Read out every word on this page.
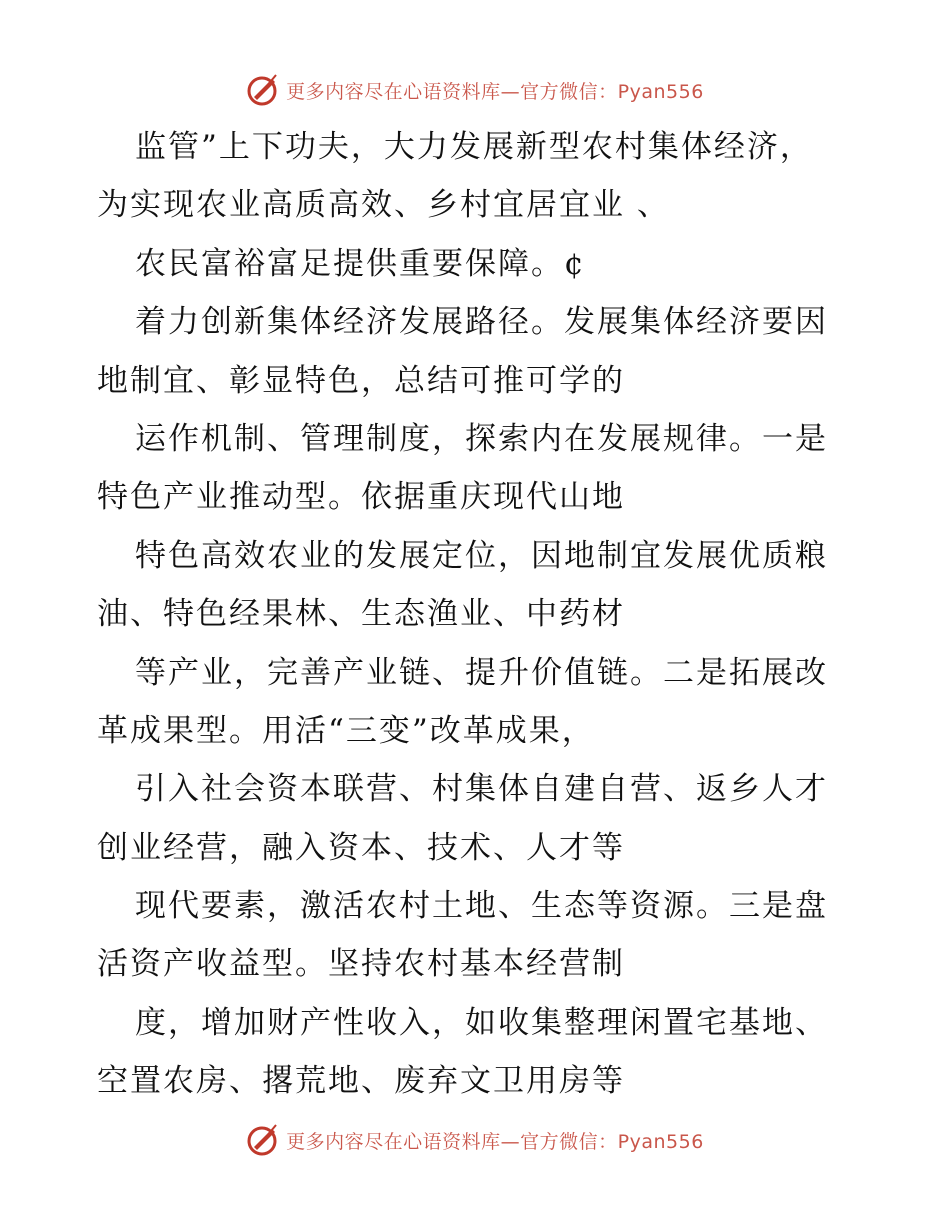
更多内容尽在心语资料库—官方微信：Pyan556
监管”上下功夫，大力发展新型农村集体经济，
为实现农业高质高效、乡村宜居宜业 、
农民富裕富足提供重要保障。¢
着力创新集体经济发展路径。发展集体经济要因
地制宜、彰显特色，总结可推可学的
运作机制、管理制度，探索内在发展规律。一是
特色产业推动型。依据重庆现代山地
特色高效农业的发展定位，因地制宜发展优质粮
油、特色经果林、生态渔业、中药材
等产业，完善产业链、提升价值链。二是拓展改
革成果型。用活“三变”改革成果，
引入社会资本联营、村集体自建自营、返乡人才
创业经营，融入资本、技术、人才等
现代要素，激活农村土地、生态等资源。三是盘
活资产收益型。坚持农村基本经营制
度，增加财产性收入，如收集整理闲置宅基地、
空置农房、撂荒地、废弃文卫用房等
更多内容尽在心语资料库—官方微信：Pyan556
